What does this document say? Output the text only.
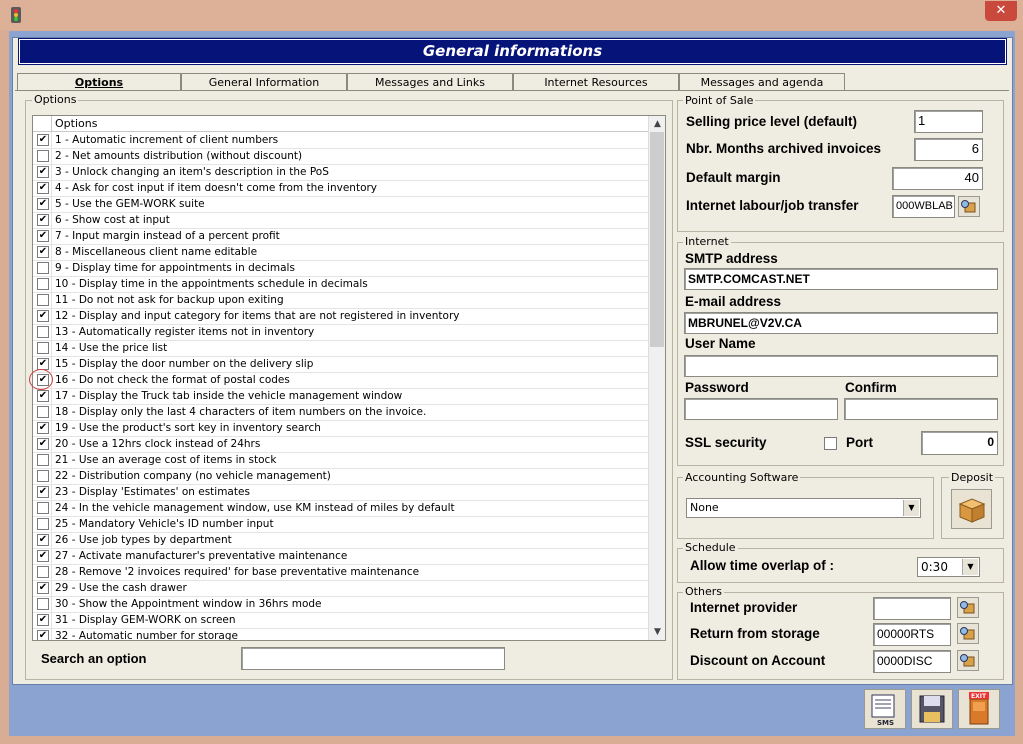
✕
General informations
Options	General Information	Messages and Links	Internet Resources	Messages and agenda
Options
Options
✔ 1 - Automatic increment of client numbers
2 - Net amounts distribution (without discount)
✔ 3 - Unlock changing an item's description in the PoS
✔ 4 - Ask for cost input if item doesn't come from the inventory
✔ 5 - Use the GEM-WORK suite
✔ 6 - Show cost at input
✔ 7 - Input margin instead of a percent profit
✔ 8 - Miscellaneous client name editable
9 - Display time for appointments in decimals
10 - Display time in the appointments schedule in decimals
11 - Do not not ask for backup upon exiting
✔ 12 - Display and input category for items that are not registered in inventory
13 - Automatically register items not in inventory
14 - Use the price list
✔ 15 - Display the door number on the delivery slip
✔ 16 - Do not check the format of postal codes
✔ 17 - Display the Truck tab inside the vehicle management window
18 - Display only the last 4 characters of item numbers on the invoice.
✔ 19 - Use the product's sort key in inventory search
✔ 20 - Use a 12hrs clock instead of 24hrs
21 - Use an average cost of items in stock
22 - Distribution company (no vehicle management)
✔ 23 - Display 'Estimates' on estimates
24 - In the vehicle management window, use KM instead of miles by default
25 - Mandatory Vehicle's ID number input
✔ 26 - Use job types by department
✔ 27 - Activate manufacturer's preventative maintenance
28 - Remove '2 invoices required' for base preventative maintenance
✔ 29 - Use the cash drawer
30 - Show the Appointment window in 36hrs mode
✔ 31 - Display GEM-WORK on screen
✔ 32 - Automatic number for storage
▲
▼
Search an option
Point of Sale
Selling price level (default)	1
Nbr. Months archived invoices	6
Default margin	40
Internet labour/job transfer	000WBLAB
Internet
SMTP address
SMTP.COMCAST.NET
E-mail address
MBRUNEL@V2V.CA
User Name
Password	Confirm
SSL security	Port	0
Accounting Software
None	▼
Deposit
Schedule
Allow time overlap of :	0:30	▼
Others
Internet provider
Return from storage	00000RTS
Discount on Account	0000DISC
SMS
EXIT
